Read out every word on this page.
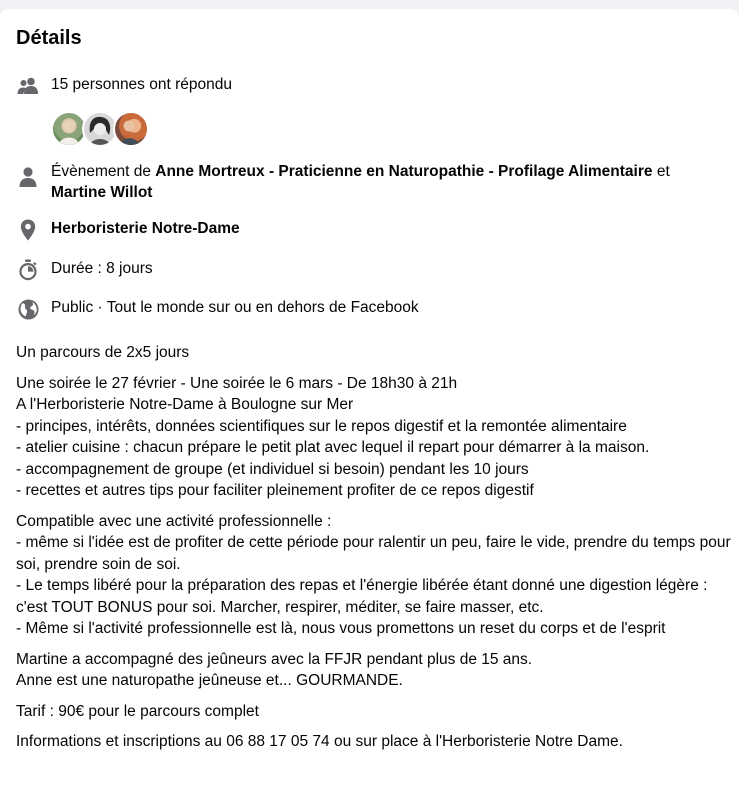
Détails
15 personnes ont répondu
Évènement de Anne Mortreux - Praticienne en Naturopathie - Profilage Alimentaire et Martine Willot
Herboristerie Notre-Dame
Durée : 8 jours
Public · Tout le monde sur ou en dehors de Facebook

Un parcours de 2x5 jours

Une soirée le 27 février - Une soirée le 6 mars - De 18h30 à 21h
A l'Herboristerie Notre-Dame à Boulogne sur Mer
- principes, intérêts, données scientifiques sur le repos digestif et la remontée alimentaire
- atelier cuisine : chacun prépare le petit plat avec lequel il repart pour démarrer à la maison.
- accompagnement de groupe (et individuel si besoin) pendant les 10 jours
- recettes et autres tips pour faciliter pleinement profiter de ce repos digestif

Compatible avec une activité professionnelle :
- même si l'idée est de profiter de cette période pour ralentir un peu, faire le vide, prendre du temps pour soi, prendre soin de soi.
- Le temps libéré pour la préparation des repas et l'énergie libérée étant donné une digestion légère : c'est TOUT BONUS pour soi. Marcher, respirer, méditer, se faire masser, etc.
- Même si l'activité professionnelle est là, nous vous promettons un reset du corps et de l'esprit

Martine a accompagné des jeûneurs avec la FFJR pendant plus de 15 ans.
Anne est une naturopathe jeûneuse et... GOURMANDE.

Tarif : 90€ pour le parcours complet

Informations et inscriptions au 06 88 17 05 74 ou sur place à l'Herboristerie Notre Dame.
